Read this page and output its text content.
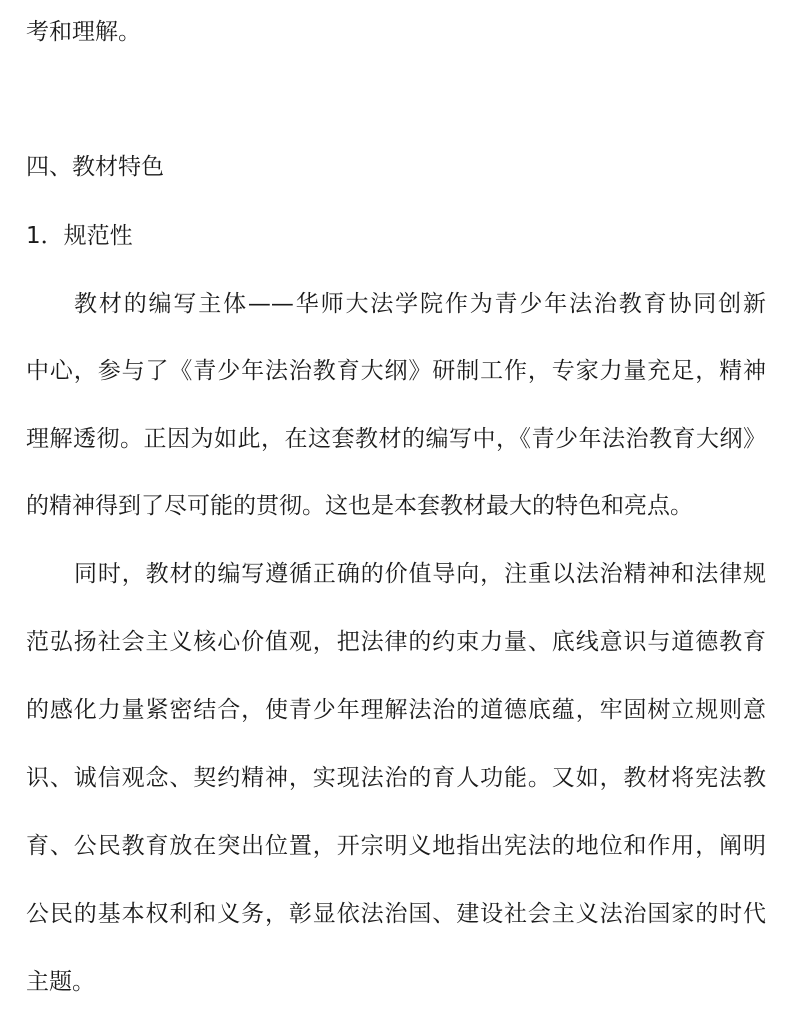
考和理解。
四、教材特色
1．规范性
教材的编写主体——华师大法学院作为青少年法治教育协同创新
中心，参与了《青少年法治教育大纲》研制工作，专家力量充足，精神
理解透彻。正因为如此，在这套教材的编写中，《青少年法治教育大纲》
的精神得到了尽可能的贯彻。这也是本套教材最大的特色和亮点。
同时，教材的编写遵循正确的价值导向，注重以法治精神和法律规
范弘扬社会主义核心价值观，把法律的约束力量、底线意识与道德教育
的感化力量紧密结合，使青少年理解法治的道德底蕴，牢固树立规则意
识、诚信观念、契约精神，实现法治的育人功能。又如，教材将宪法教
育、公民教育放在突出位置，开宗明义地指出宪法的地位和作用，阐明
公民的基本权利和义务，彰显依法治国、建设社会主义法治国家的时代
主题。
